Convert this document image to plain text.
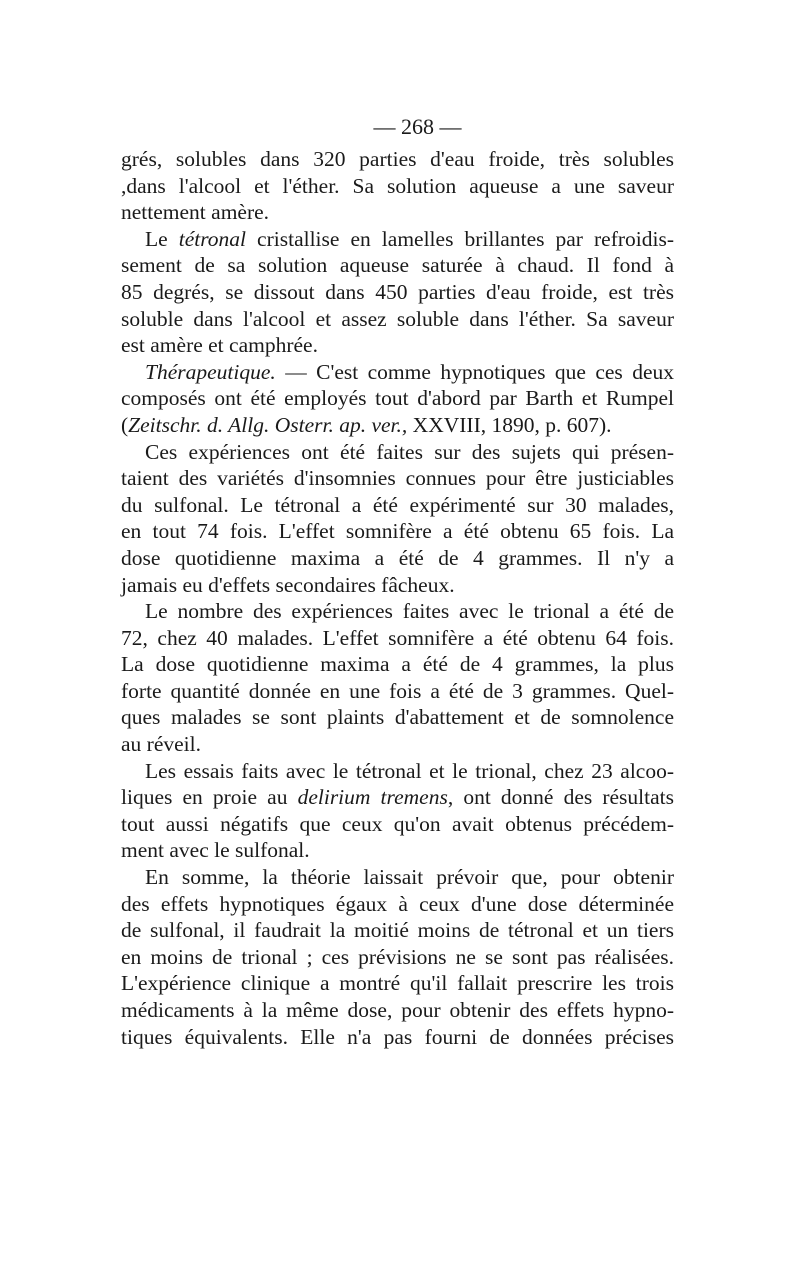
— 268 —

grés, solubles dans 320 parties d'eau froide, très solubles
,dans l'alcool et l'éther. Sa solution aqueuse a une saveur
nettement amère.

Le tétronal cristallise en lamelles brillantes par refroidis-
sement de sa solution aqueuse saturée à chaud. Il fond à
85 degrés, se dissout dans 450 parties d'eau froide, est très
soluble dans l'alcool et assez soluble dans l'éther. Sa saveur
est amère et camphrée.

Thérapeutique. — C'est comme hypnotiques que ces deux
composés ont été employés tout d'abord par Barth et Rumpel
(Zeitschr. d. Allg. Osterr. ap. ver., XXVIII, 1890, p. 607).

Ces expériences ont été faites sur des sujets qui présen-
taient des variétés d'insomnies connues pour être justiciables
du sulfonal. Le tétronal a été expérimenté sur 30 malades,
en tout 74 fois. L'effet somnifère a été obtenu 65 fois. La
dose quotidienne maxima a été de 4 grammes. Il n'y a
jamais eu d'effets secondaires fâcheux.

Le nombre des expériences faites avec le trional a été de
72, chez 40 malades. L'effet somnifère a été obtenu 64 fois.
La dose quotidienne maxima a été de 4 grammes, la plus
forte quantité donnée en une fois a été de 3 grammes. Quel-
ques malades se sont plaints d'abattement et de somnolence
au réveil.

Les essais faits avec le tétronal et le trional, chez 23 alcoo-
liques en proie au delirium tremens, ont donné des résultats
tout aussi négatifs que ceux qu'on avait obtenus précédem-
ment avec le sulfonal.

En somme, la théorie laissait prévoir que, pour obtenir
des effets hypnotiques égaux à ceux d'une dose déterminée
de sulfonal, il faudrait la moitié moins de tétronal et un tiers
en moins de trional ; ces prévisions ne se sont pas réalisées.
L'expérience clinique a montré qu'il fallait prescrire les trois
médicaments à la même dose, pour obtenir des effets hypno-
tiques équivalents. Elle n'a pas fourni de données précises
